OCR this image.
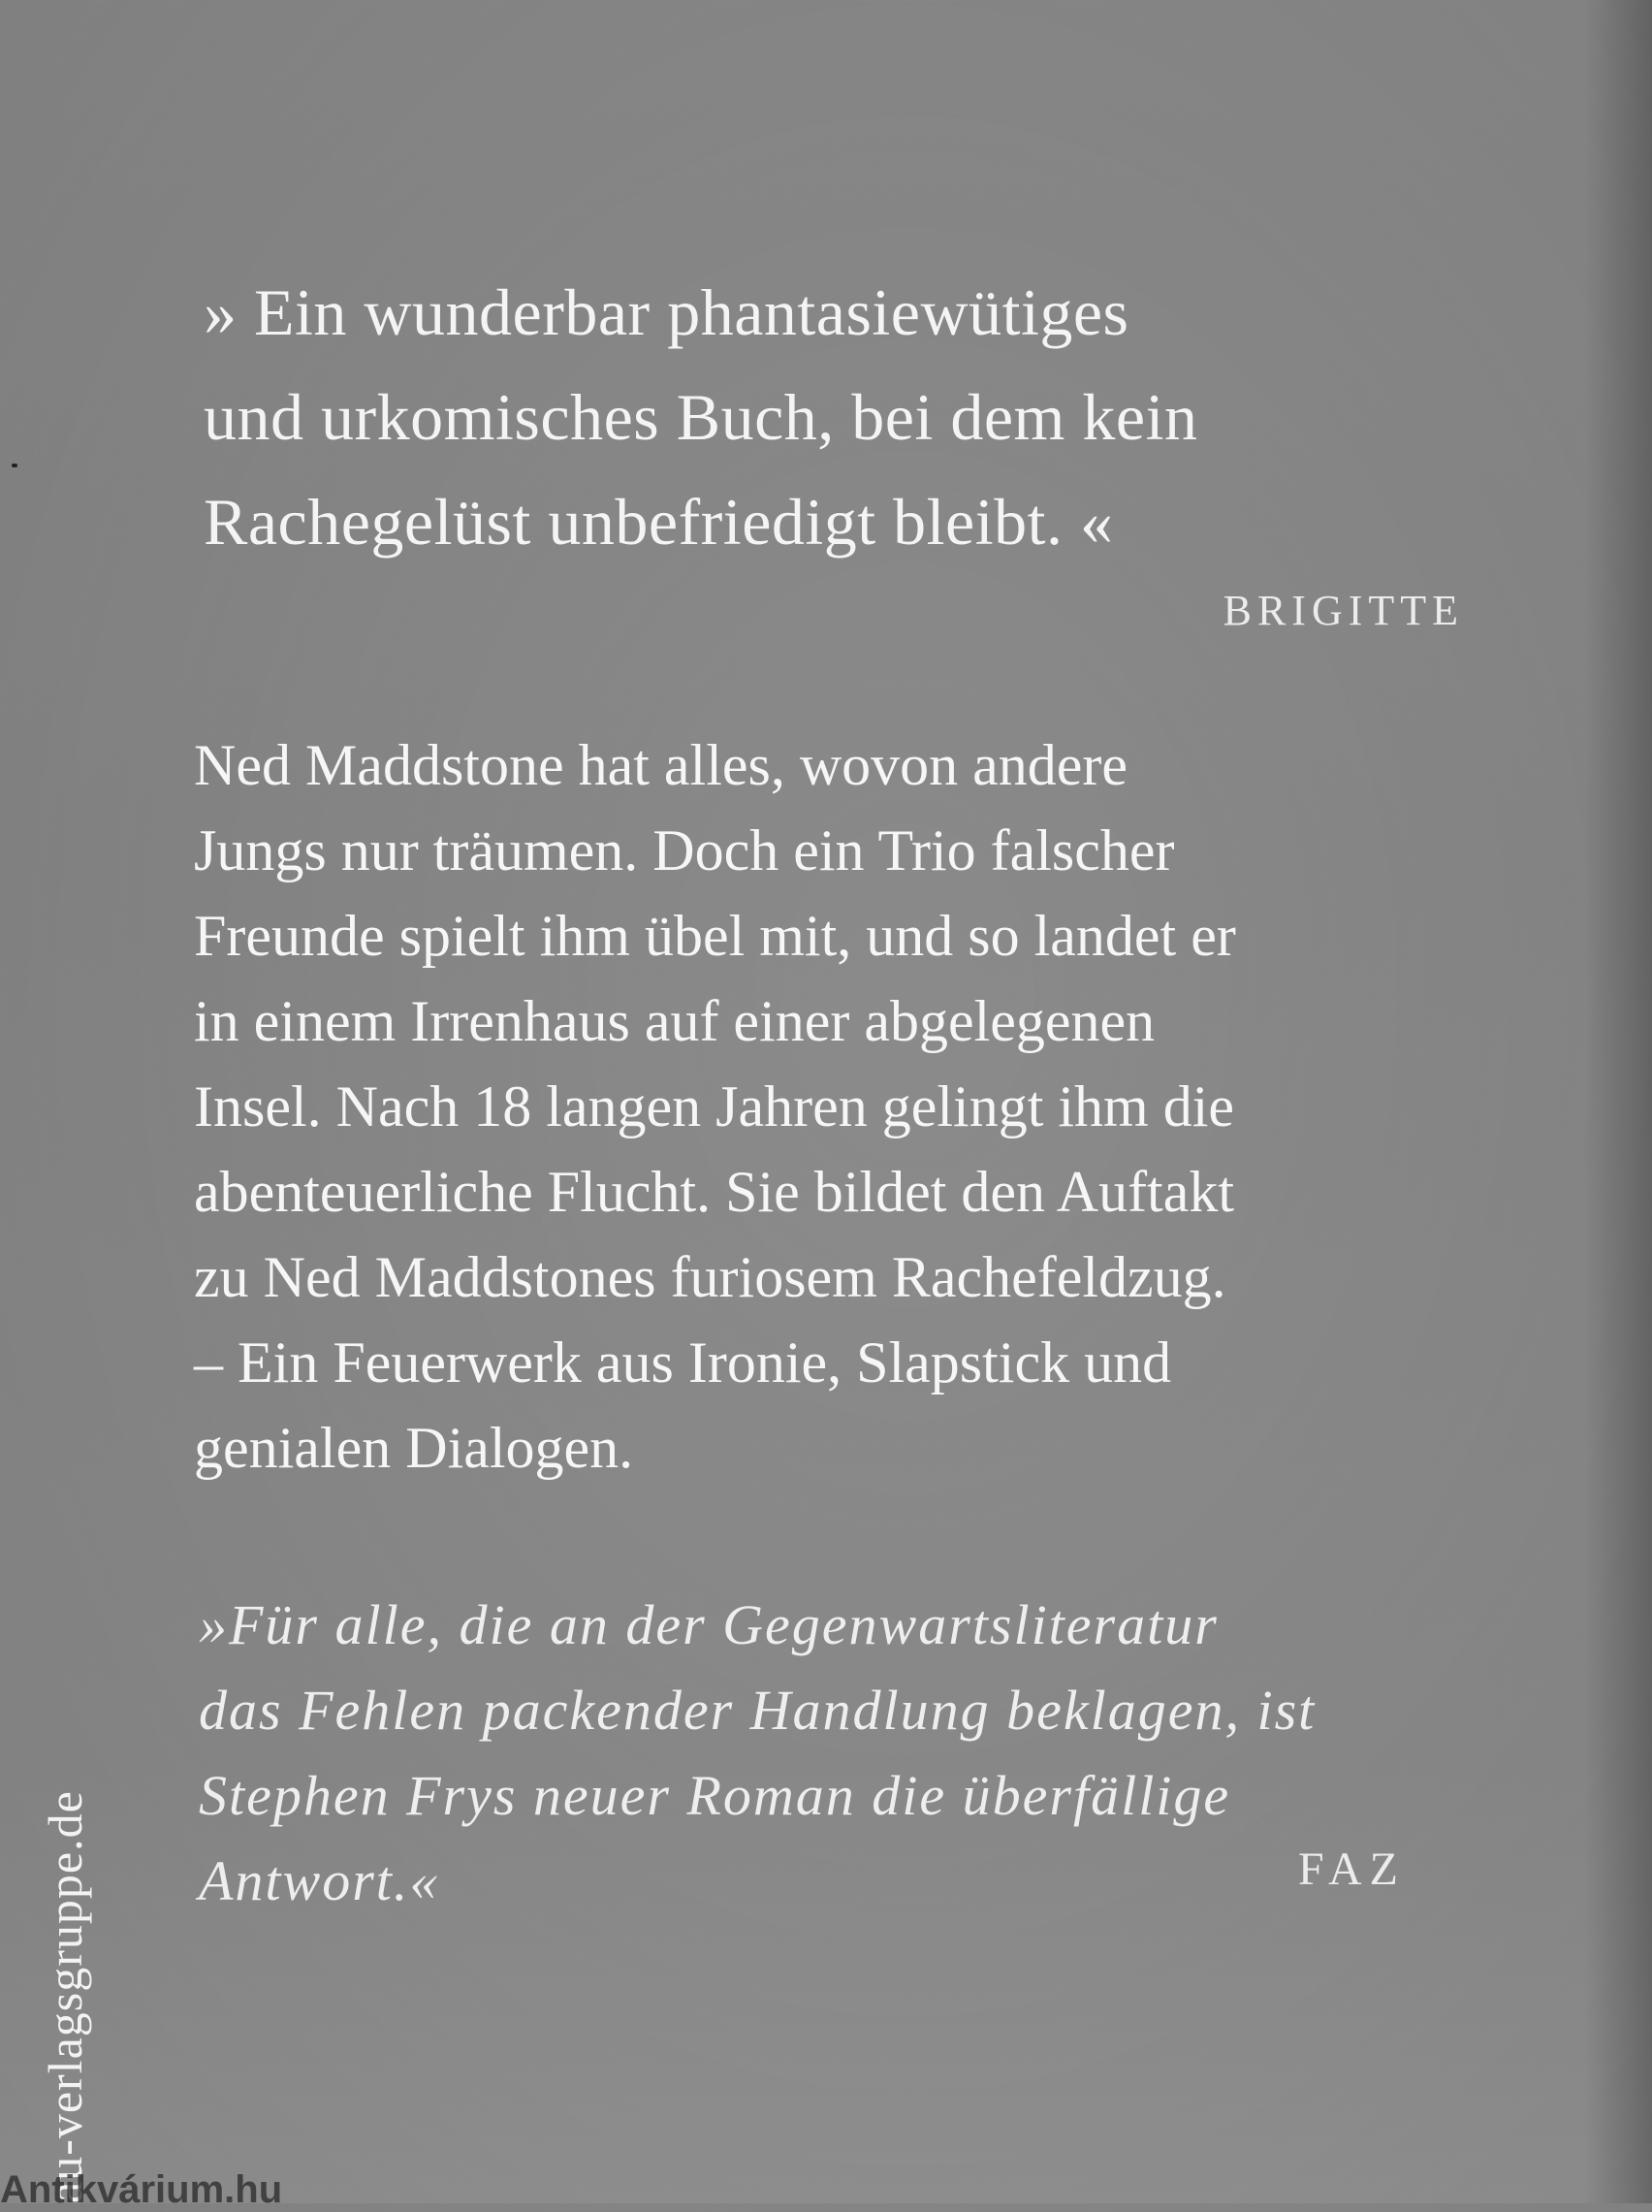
» Ein wunderbar phantasiewütiges
und urkomisches Buch, bei dem kein
Rachegelüst unbefriedigt bleibt. «
BRIGITTE
Ned Maddstone hat alles, wovon andere
Jungs nur träumen. Doch ein Trio falscher
Freunde spielt ihm übel mit, und so landet er
in einem Irrenhaus auf einer abgelegenen
Insel. Nach 18 langen Jahren gelingt ihm die
abenteuerliche Flucht. Sie bildet den Auftakt
zu Ned Maddstones furiosem Rachefeldzug.
– Ein Feuerwerk aus Ironie, Slapstick und
genialen Dialogen.
»Für alle, die an der Gegenwartsliteratur
das Fehlen packender Handlung beklagen, ist
Stephen Frys neuer Roman die überfällige
Antwort.«	FAZ
au-verlagsgruppe.de
Antikvárium.hu
